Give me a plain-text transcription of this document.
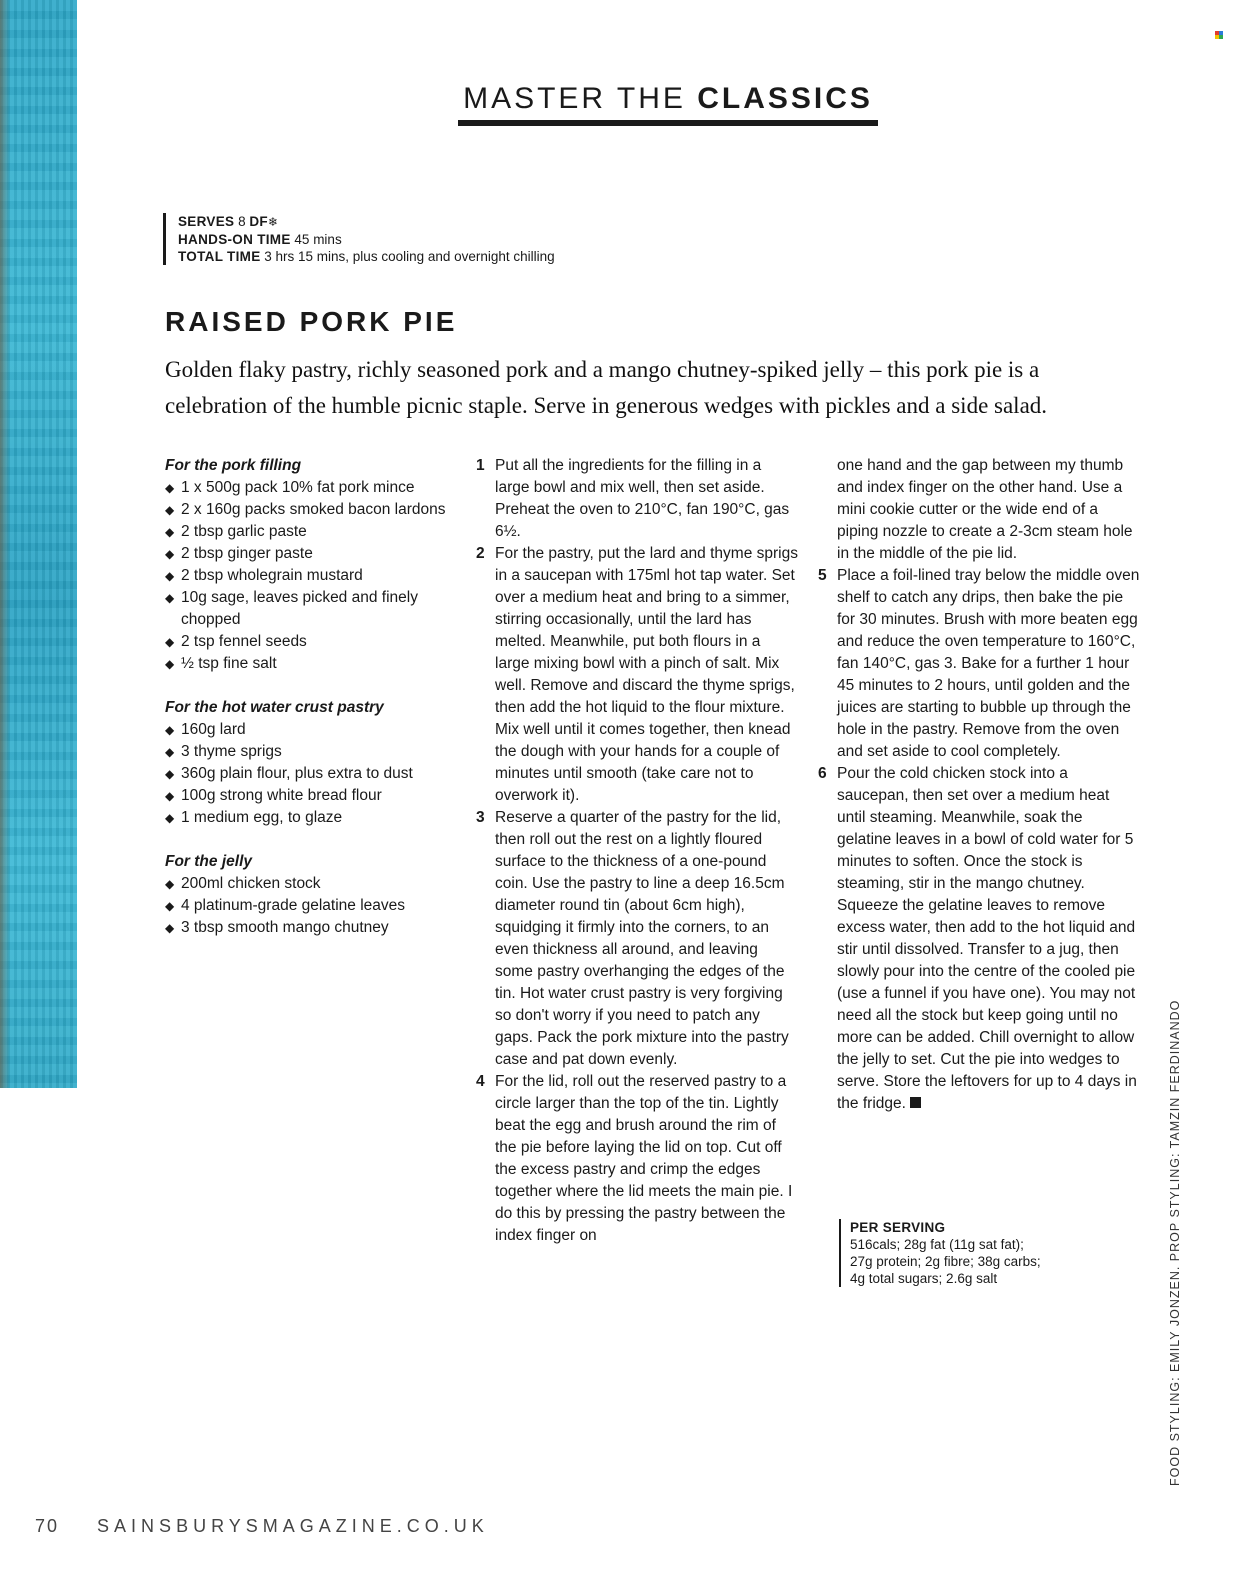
MASTER THE CLASSICS
SERVES 8 DF❄
HANDS-ON TIME 45 mins
TOTAL TIME 3 hrs 15 mins, plus cooling and overnight chilling
RAISED PORK PIE

Golden flaky pastry, richly seasoned pork and a mango chutney-spiked jelly – this pork pie is a celebration of the humble picnic staple. Serve in generous wedges with pickles and a side salad.

For the pork filling
◆ 1 x 500g pack 10% fat pork mince
◆ 2 x 160g packs smoked bacon lardons
◆ 2 tbsp garlic paste
◆ 2 tbsp ginger paste
◆ 2 tbsp wholegrain mustard
◆ 10g sage, leaves picked and finely chopped
◆ 2 tsp fennel seeds
◆ ½ tsp fine salt
For the hot water crust pastry
◆ 160g lard
◆ 3 thyme sprigs
◆ 360g plain flour, plus extra to dust
◆ 100g strong white bread flour
◆ 1 medium egg, to glaze
For the jelly
◆ 200ml chicken stock
◆ 4 platinum-grade gelatine leaves
◆ 3 tbsp smooth mango chutney
1 Put all the ingredients for the filling in a large bowl and mix well, then set aside. Preheat the oven to 210°C, fan 190°C, gas 6½.
2 For the pastry, put the lard and thyme sprigs in a saucepan with 175ml hot tap water. Set over a medium heat and bring to a simmer, stirring occasionally, until the lard has melted. Meanwhile, put both flours in a large mixing bowl with a pinch of salt. Mix well. Remove and discard the thyme sprigs, then add the hot liquid to the flour mixture. Mix well until it comes together, then knead the dough with your hands for a couple of minutes until smooth (take care not to overwork it).
3 Reserve a quarter of the pastry for the lid, then roll out the rest on a lightly floured surface to the thickness of a one-pound coin. Use the pastry to line a deep 16.5cm diameter round tin (about 6cm high), squidging it firmly into the corners, to an even thickness all around, and leaving some pastry overhanging the edges of the tin. Hot water crust pastry is very forgiving so don't worry if you need to patch any gaps. Pack the pork mixture into the pastry case and pat down evenly.
4 For the lid, roll out the reserved pastry to a circle larger than the top of the tin. Lightly beat the egg and brush around the rim of the pie before laying the lid on top. Cut off the excess pastry and crimp the edges together where the lid meets the main pie. I do this by pressing the pastry between the index finger on
one hand and the gap between my thumb and index finger on the other hand. Use a mini cookie cutter or the wide end of a piping nozzle to create a 2-3cm steam hole in the middle of the pie lid.
5 Place a foil-lined tray below the middle oven shelf to catch any drips, then bake the pie for 30 minutes. Brush with more beaten egg and reduce the oven temperature to 160°C, fan 140°C, gas 3. Bake for a further 1 hour 45 minutes to 2 hours, until golden and the juices are starting to bubble up through the hole in the pastry. Remove from the oven and set aside to cool completely.
6 Pour the cold chicken stock into a saucepan, then set over a medium heat until steaming. Meanwhile, soak the gelatine leaves in a bowl of cold water for 5 minutes to soften. Once the stock is steaming, stir in the mango chutney. Squeeze the gelatine leaves to remove excess water, then add to the hot liquid and stir until dissolved. Transfer to a jug, then slowly pour into the centre of the cooled pie (use a funnel if you have one). You may not need all the stock but keep going until no more can be added. Chill overnight to allow the jelly to set. Cut the pie into wedges to serve. Store the leftovers for up to 4 days in the fridge.
PER SERVING
516cals; 28g fat (11g sat fat);
27g protein; 2g fibre; 38g carbs;
4g total sugars; 2.6g salt	FOOD STYLING: EMILY JONZEN. PROP STYLING: TAMZIN FERDINANDO
70 SAINSBURYSMAGAZINE.CO.UK
